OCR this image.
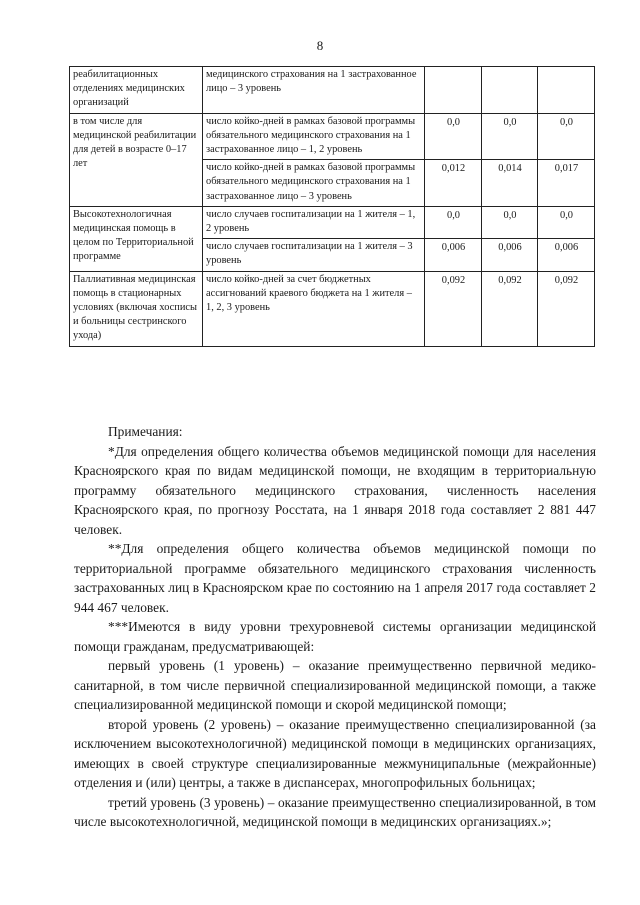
8
реабилитационных отделениях медицинских организаций	медицинского страхования на 1 застрахованное лицо – 3 уровень			
в том числе для медицинской реабилитации для детей в возрасте 0–17 лет	число койко-дней в рамках базовой программы обязательного медицинского страхования на 1 застрахованное лицо – 1, 2 уровень	0,0	0,0	0,0
	число койко-дней в рамках базовой программы обязательного медицинского страхования на 1 застрахованное лицо – 3 уровень	0,012	0,014	0,017
Высокотехнологичная медицинская помощь в целом по Территориальной программе	число случаев госпитализации на 1 жителя – 1, 2 уровень	0,0	0,0	0,0
	число случаев госпитализации на 1 жителя – 3 уровень	0,006	0,006	0,006
Паллиативная медицинская помощь в стационарных условиях (включая хосписы и больницы сестринского ухода)	число койко-дней за счет бюджетных ассигнований краевого бюджета на 1 жителя – 1, 2, 3 уровень	0,092	0,092	0,092

Примечания:

*Для определения общего количества объемов медицинской помощи для населения Красноярского края по видам медицинской помощи, не входящим в территориальную программу обязательного медицинского страхования, численность населения Красноярского края, по прогнозу Росстата, на 1 января 2018 года составляет 2 881 447 человек.

**Для определения общего количества объемов медицинской помощи по территориальной программе обязательного медицинского страхования численность застрахованных лиц в Красноярском крае по состоянию на 1 апреля 2017 года составляет 2 944 467 человек.

***Имеются в виду уровни трехуровневой системы организации медицинской помощи гражданам, предусматривающей:

первый уровень (1 уровень) – оказание преимущественно первичной медико-санитарной, в том числе первичной специализированной медицинской помощи, а также специализированной медицинской помощи и скорой медицинской помощи;

второй уровень (2 уровень) – оказание преимущественно специализированной (за исключением высокотехнологичной) медицинской помощи в медицинских организациях, имеющих в своей структуре специализированные межмуниципальные (межрайонные) отделения и (или) центры, а также в диспансерах, многопрофильных больницах;

третий уровень (3 уровень) – оказание преимущественно специализированной, в том числе высокотехнологичной, медицинской помощи в медицинских организациях.»;
